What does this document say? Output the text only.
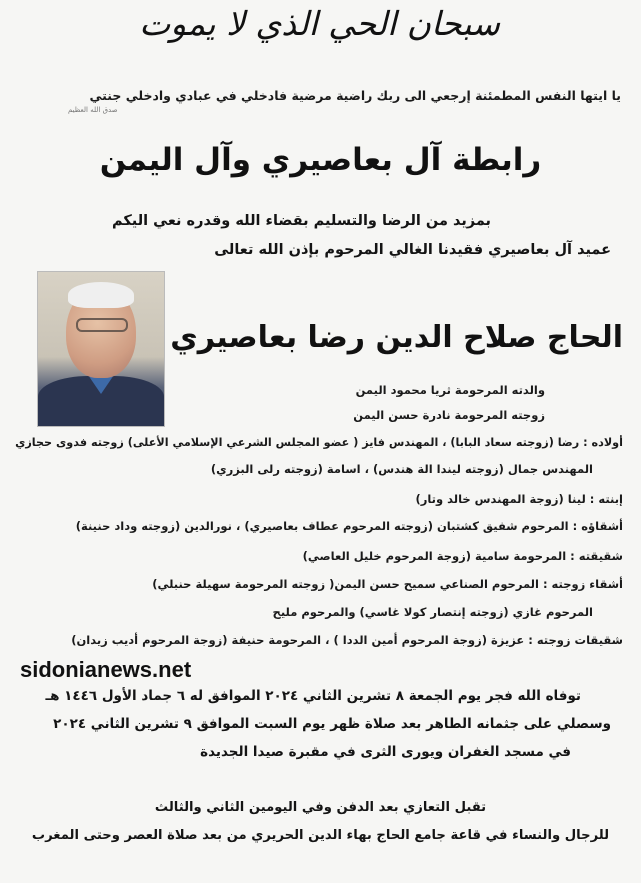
سبحان الحي الذي لا يموت
يا ايتها النفس المطمئنة إرجعي الى ربك راضية مرضية فادخلي في عبادي وادخلي جنتي
صدق الله العظيم
رابطة آل بعاصيري وآل اليمن
بمزيد من الرضا والتسليم بقضاء الله وقدره نعي اليكم
عميد آل بعاصيري فقيدنا الغالي المرحوم بإذن الله تعالى
الحاج صلاح الدين رضا بعاصيري
والدته المرحومة ثريا محمود اليمن
زوجته المرحومة نادرة حسن اليمن
أولاده : رضا (زوجته سعاد البابا) ، المهندس فايز ( عضو المجلس الشرعي الإسلامي الأعلى) زوجته فدوى حجازي
المهندس جمال (زوجته ليندا الة هندس) ، اسامة (زوجته رلى البزري)
إبنته : لينا (زوجة المهندس خالد وتار)
أشقاؤه : المرحوم شفيق كشتبان (زوجته المرحوم عطاف بعاصيري) ، نورالدين (زوجته وداد حنينة)
شقيقته : المرحومة سامية (زوجة المرحوم خليل العاصي)
أشقاء زوجته : المرحوم الصناعي سميح حسن اليمن( زوجته المرحومة سهيلة حنبلي)
المرحوم غازي (زوجته إنتصار كولا غاسي) والمرحوم مليح
شقيقات زوجته : عزيزة (زوجة المرحوم أمين الددا ) ، المرحومة حنيفة (زوجة المرحوم أديب زيدان)
sidonianews.net
توفاه الله فجر يوم الجمعة ٨ تشرين الثاني ٢٠٢٤ الموافق له ٦ جماد الأول ١٤٤٦ هـ
وسصلي على جثمانه الطاهر بعد صلاة ظهر يوم السبت الموافق ٩ تشرين الثاني ٢٠٢٤
في مسجد الغفران ويورى الثرى في مقبرة صيدا الجديدة
تقبل التعازي بعد الدفن وفي اليومين الثاني والثالث
للرجال والنساء في قاعة جامع الحاج بهاء الدين الحريري من بعد صلاة العصر وحتى المغرب
